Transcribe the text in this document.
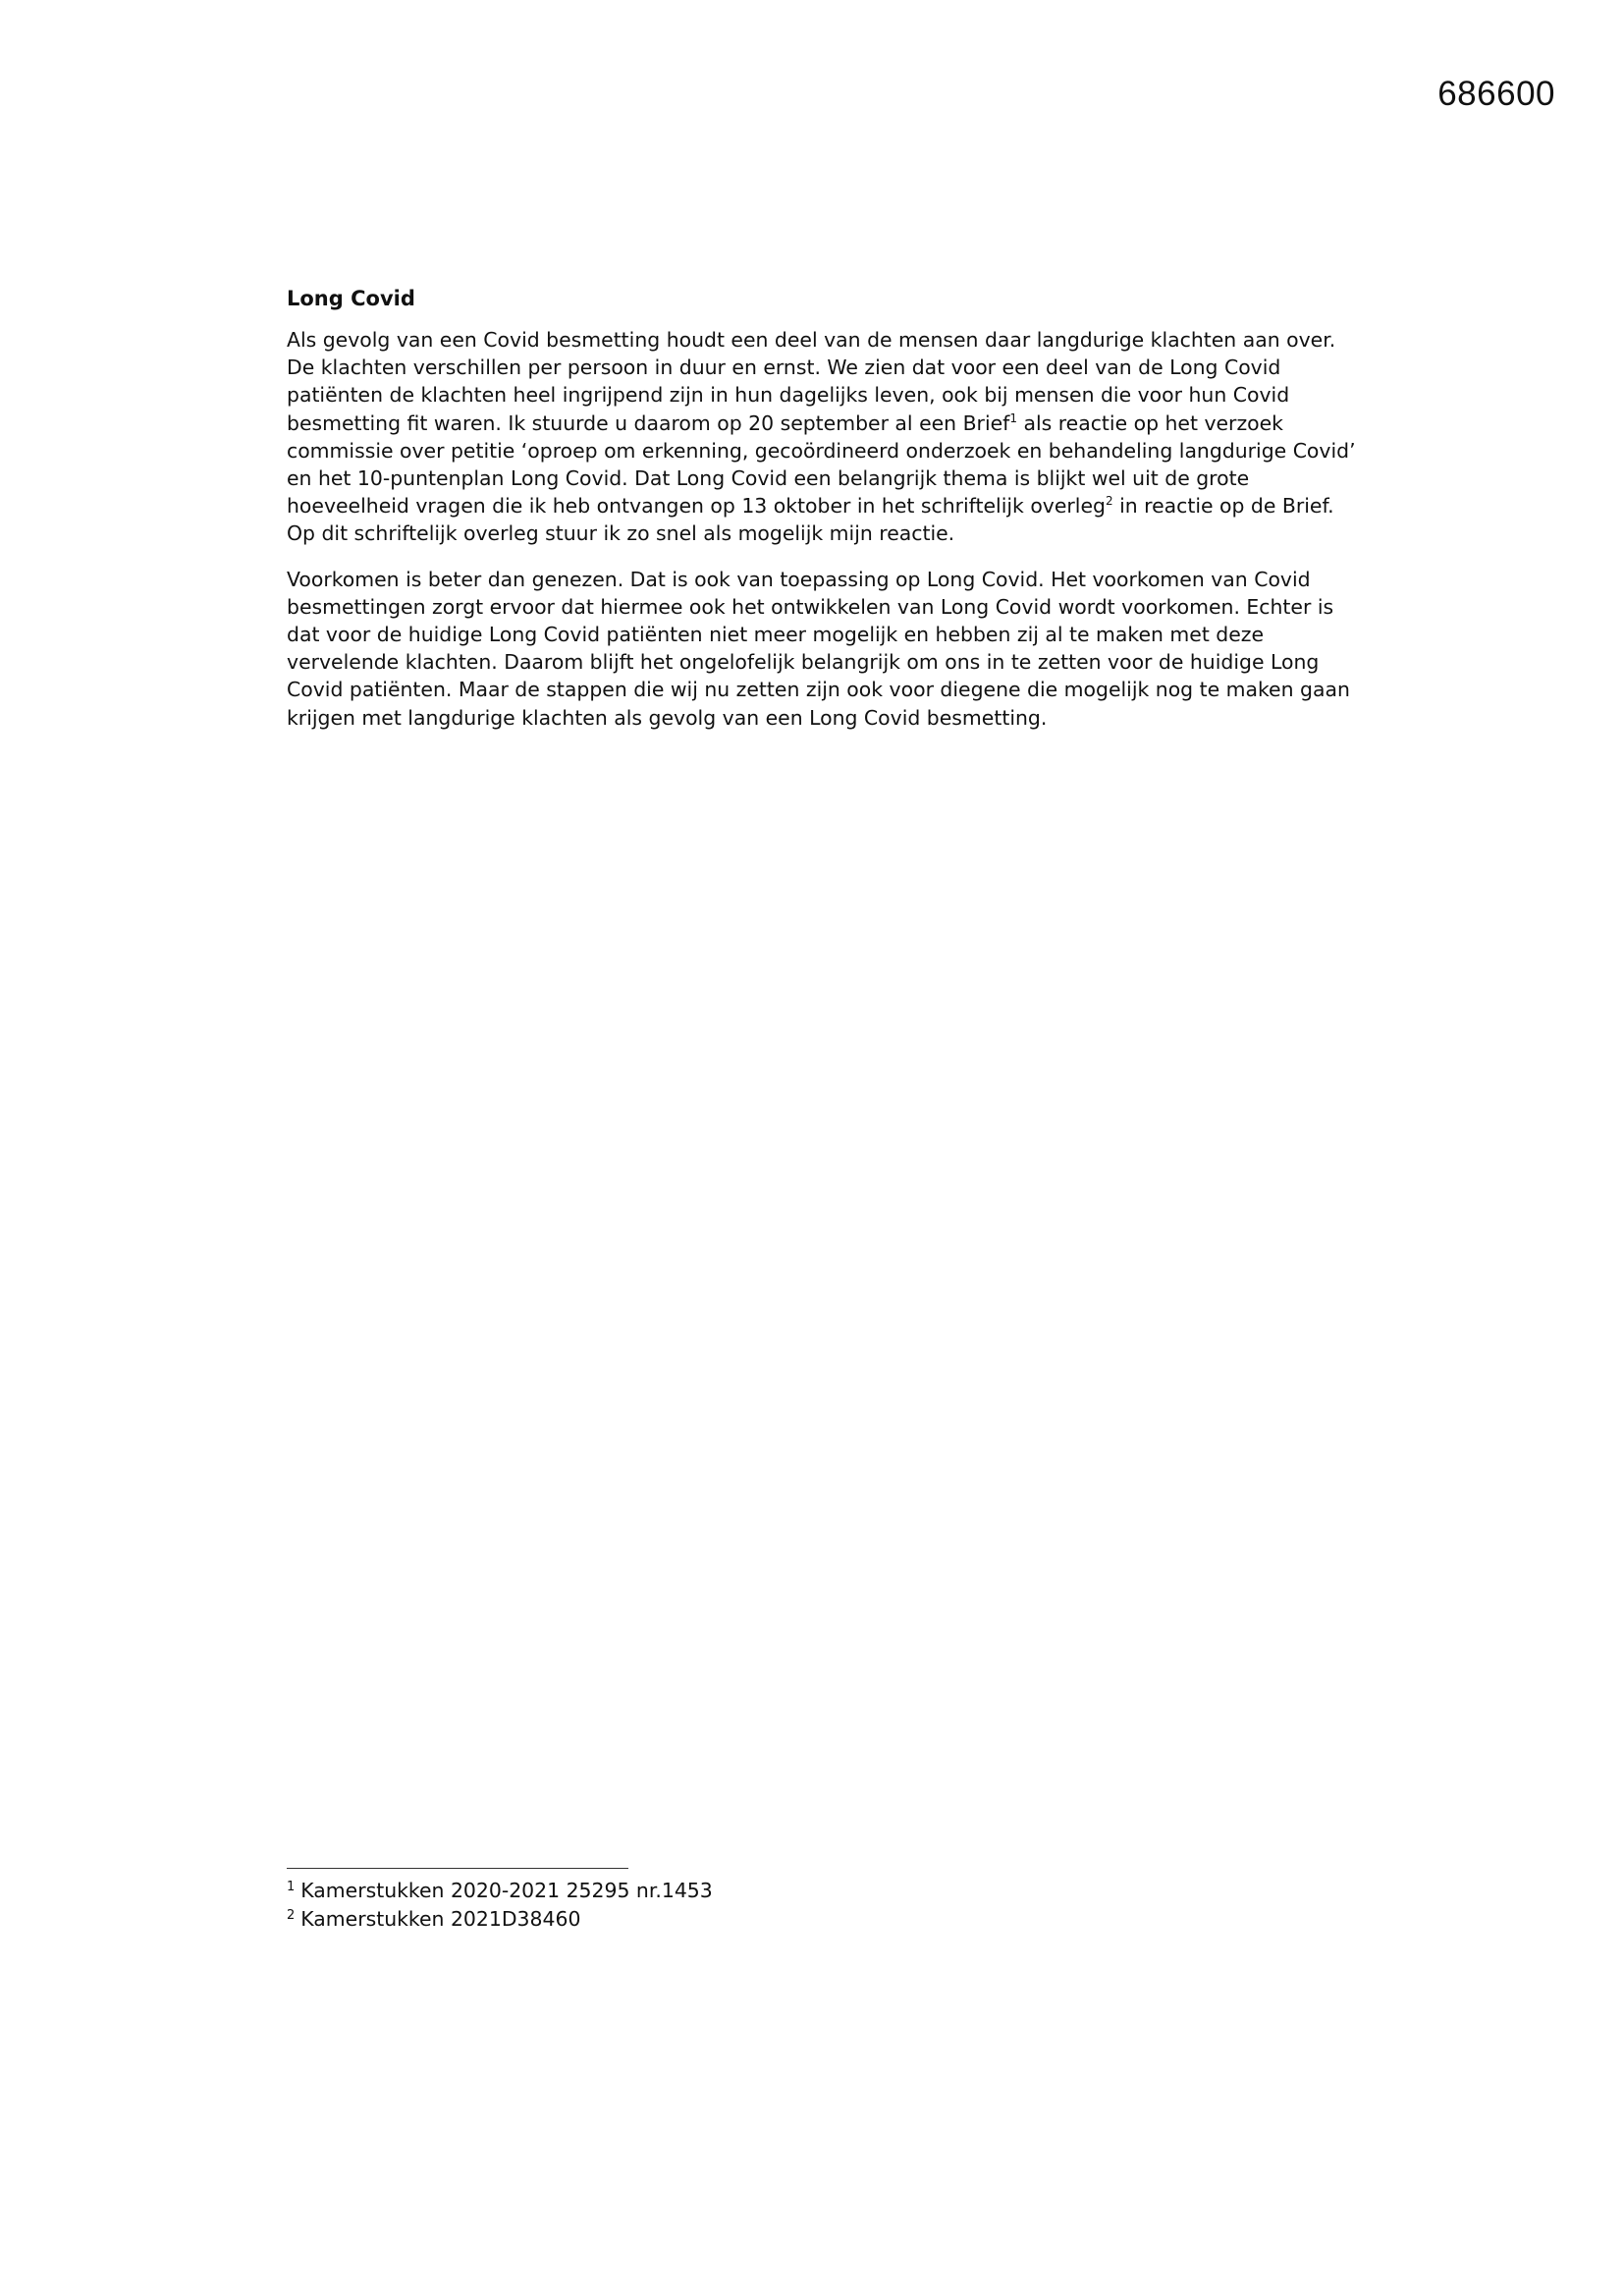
686600
Long Covid

Als gevolg van een Covid besmetting houdt een deel van de mensen daar langdurige klachten aan over. De klachten verschillen per persoon in duur en ernst. We zien dat voor een deel van de Long Covid patiënten de klachten heel ingrijpend zijn in hun dagelijks leven, ook bij mensen die voor hun Covid besmetting fit waren. Ik stuurde u daarom op 20 september al een Brief$^1$ als reactie op het verzoek commissie over petitie ‘oproep om erkenning, gecoördineerd onderzoek en behandeling langdurige Covid’ en het 10-puntenplan Long Covid. Dat Long Covid een belangrijk thema is blijkt wel uit de grote hoeveelheid vragen die ik heb ontvangen op 13 oktober in het schriftelijk overleg$^2$ in reactie op de Brief. Op dit schriftelijk overleg stuur ik zo snel als mogelijk mijn reactie.

Voorkomen is beter dan genezen. Dat is ook van toepassing op Long Covid. Het voorkomen van Covid besmettingen zorgt ervoor dat hiermee ook het ontwikkelen van Long Covid wordt voorkomen. Echter is dat voor de huidige Long Covid patiënten niet meer mogelijk en hebben zij al te maken met deze vervelende klachten. Daarom blijft het ongelofelijk belangrijk om ons in te zetten voor de huidige Long Covid patiënten. Maar de stappen die wij nu zetten zijn ook voor diegene die mogelijk nog te maken gaan krijgen met langdurige klachten als gevolg van een Long Covid besmetting.

$^1$ Kamerstukken 2020-2021 25295 nr.1453
$^2$ Kamerstukken 2021D38460
